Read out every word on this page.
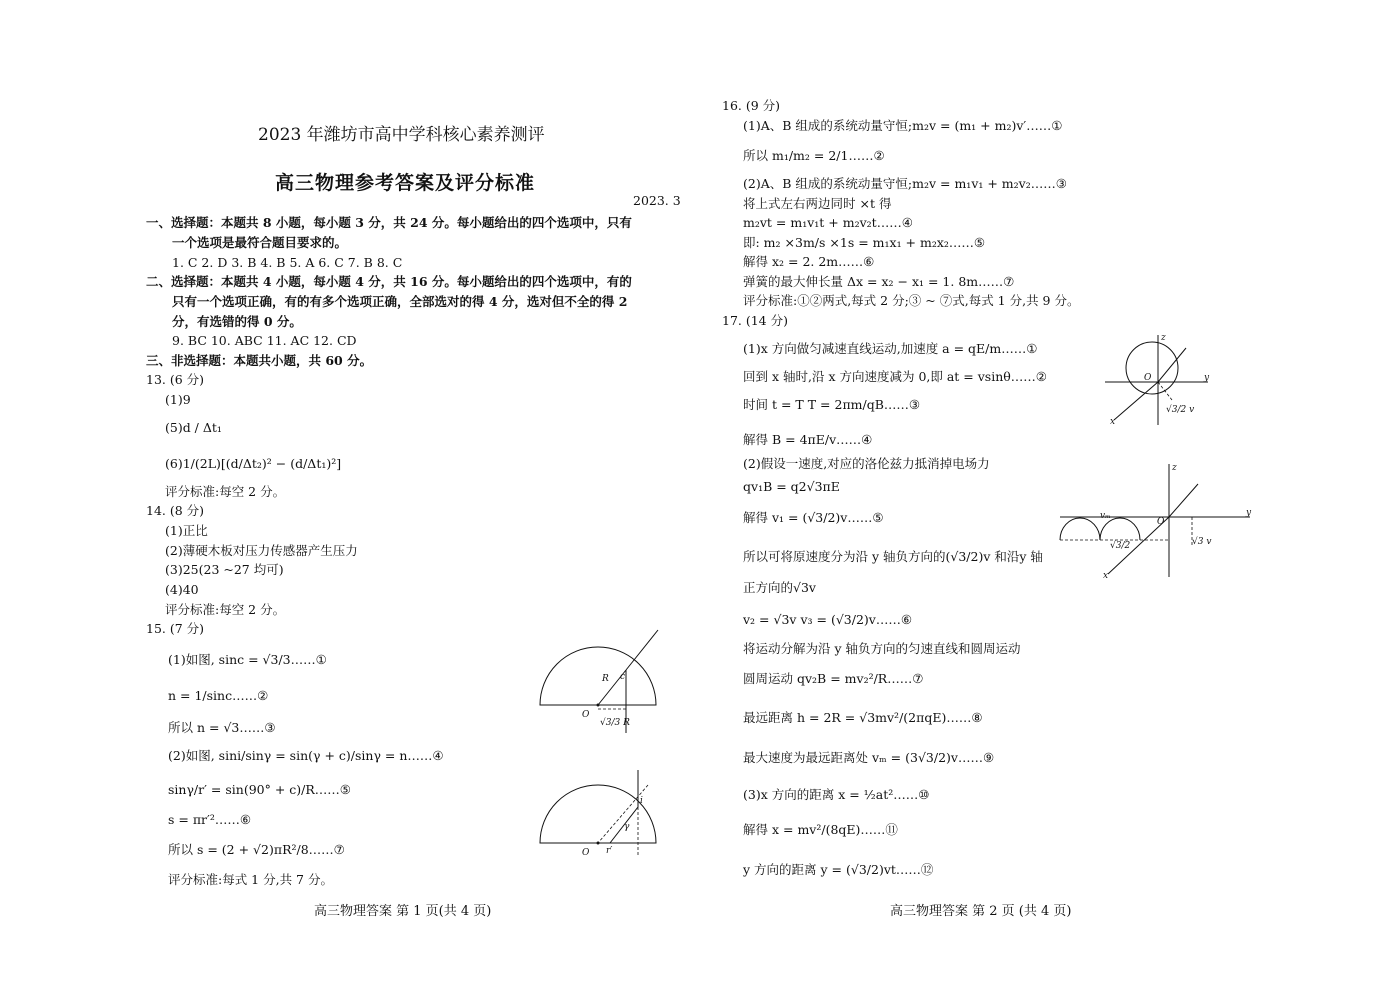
2023 年潍坊市高中学科核心素养测评
高三物理参考答案及评分标准
2023. 3
一、选择题：本题共 8 小题，每小题 3 分，共 24 分。每小题给出的四个选项中，只有
一个选项是最符合题目要求的。
1. C 2. D 3. B 4. B 5. A 6. C 7. B 8. C
二、选择题：本题共 4 小题，每小题 4 分，共 16 分。每小题给出的四个选项中，有的
只有一个选项正确，有的有多个选项正确，全部选对的得 4 分，选对但不全的得 2
分，有选错的得 0 分。
9. BC 10. ABC 11. AC 12. CD
三、非选择题：本题共小题，共 60 分。
13. (6 分)
(1)9
(5)d / Δt₁
(6)1/(2L)[(d/Δt₂)² − (d/Δt₁)²]
评分标准:每空 2 分。
14. (8 分)
(1)正比
(2)薄硬木板对压力传感器产生压力
(3)25(23 ~27 均可)
(4)40
评分标准:每空 2 分。
15. (7 分)
(1)如图, sinc = √3/3……①
n = 1/sinc……②
所以 n = √3……③
(2)如图, sini/sinγ = sin(γ + c)/sinγ = n……④
sinγ/r′ = sin(90° + c)/R……⑤
s = πr′²……⑥
所以 s = (2 + √2)πR²/8……⑦
评分标准:每式 1 分,共 7 分。
O
R c
√3/3 R
O r′
γ
i
高三物理答案 第 1 页(共 4 页)
16. (9 分)
(1)A、B 组成的系统动量守恒;m₂v = (m₁ + m₂)v′……①
所以 m₁/m₂ = 2/1……②
(2)A、B 组成的系统动量守恒;m₂v = m₁v₁ + m₂v₂……③
将上式左右两边同时 ×t 得
m₂vt = m₁v₁t + m₂v₂t……④
即: m₂ ×3m/s ×1s = m₁x₁ + m₂x₂……⑤
解得 x₂ = 2. 2m……⑥
弹簧的最大伸长量 Δx = x₂ − x₁ = 1. 8m……⑦
评分标准:①②两式,每式 2 分;③ ~ ⑦式,每式 1 分,共 9 分。
17. (14 分)
(1)x 方向做匀减速直线运动,加速度 a = qE/m……①
回到 x 轴时,沿 x 方向速度减为 0,即 at = vsinθ……②
时间 t = T T = 2πm/qB……③
解得 B = 4πE/v……④
(2)假设一速度,对应的洛伦兹力抵消掉电场力
qv₁B = q2√3πE
解得 v₁ = (√3/2)v……⑤
所以可将原速度分为沿 y 轴负方向的(√3/2)v 和沿y 轴
正方向的√3v
v₂ = √3v v₃ = (√3/2)v……⑥
将运动分解为沿 y 轴负方向的匀速直线和圆周运动
圆周运动 qv₂B = mv₂²/R……⑦
最远距离 h = 2R = √3mv²/(2πqE)……⑧
最大速度为最远距离处 vₘ = (3√3/2)v……⑨
(3)x 方向的距离 x = ½at²……⑩
解得 x = mv²/(8qE)……⑪
y 方向的距离 y = (√3/2)vt……⑫
z
O	y
x
√3/2 v
z
O
y
x
vₘ
√3/2	√3 v
高三物理答案 第 2 页 (共 4 页)
